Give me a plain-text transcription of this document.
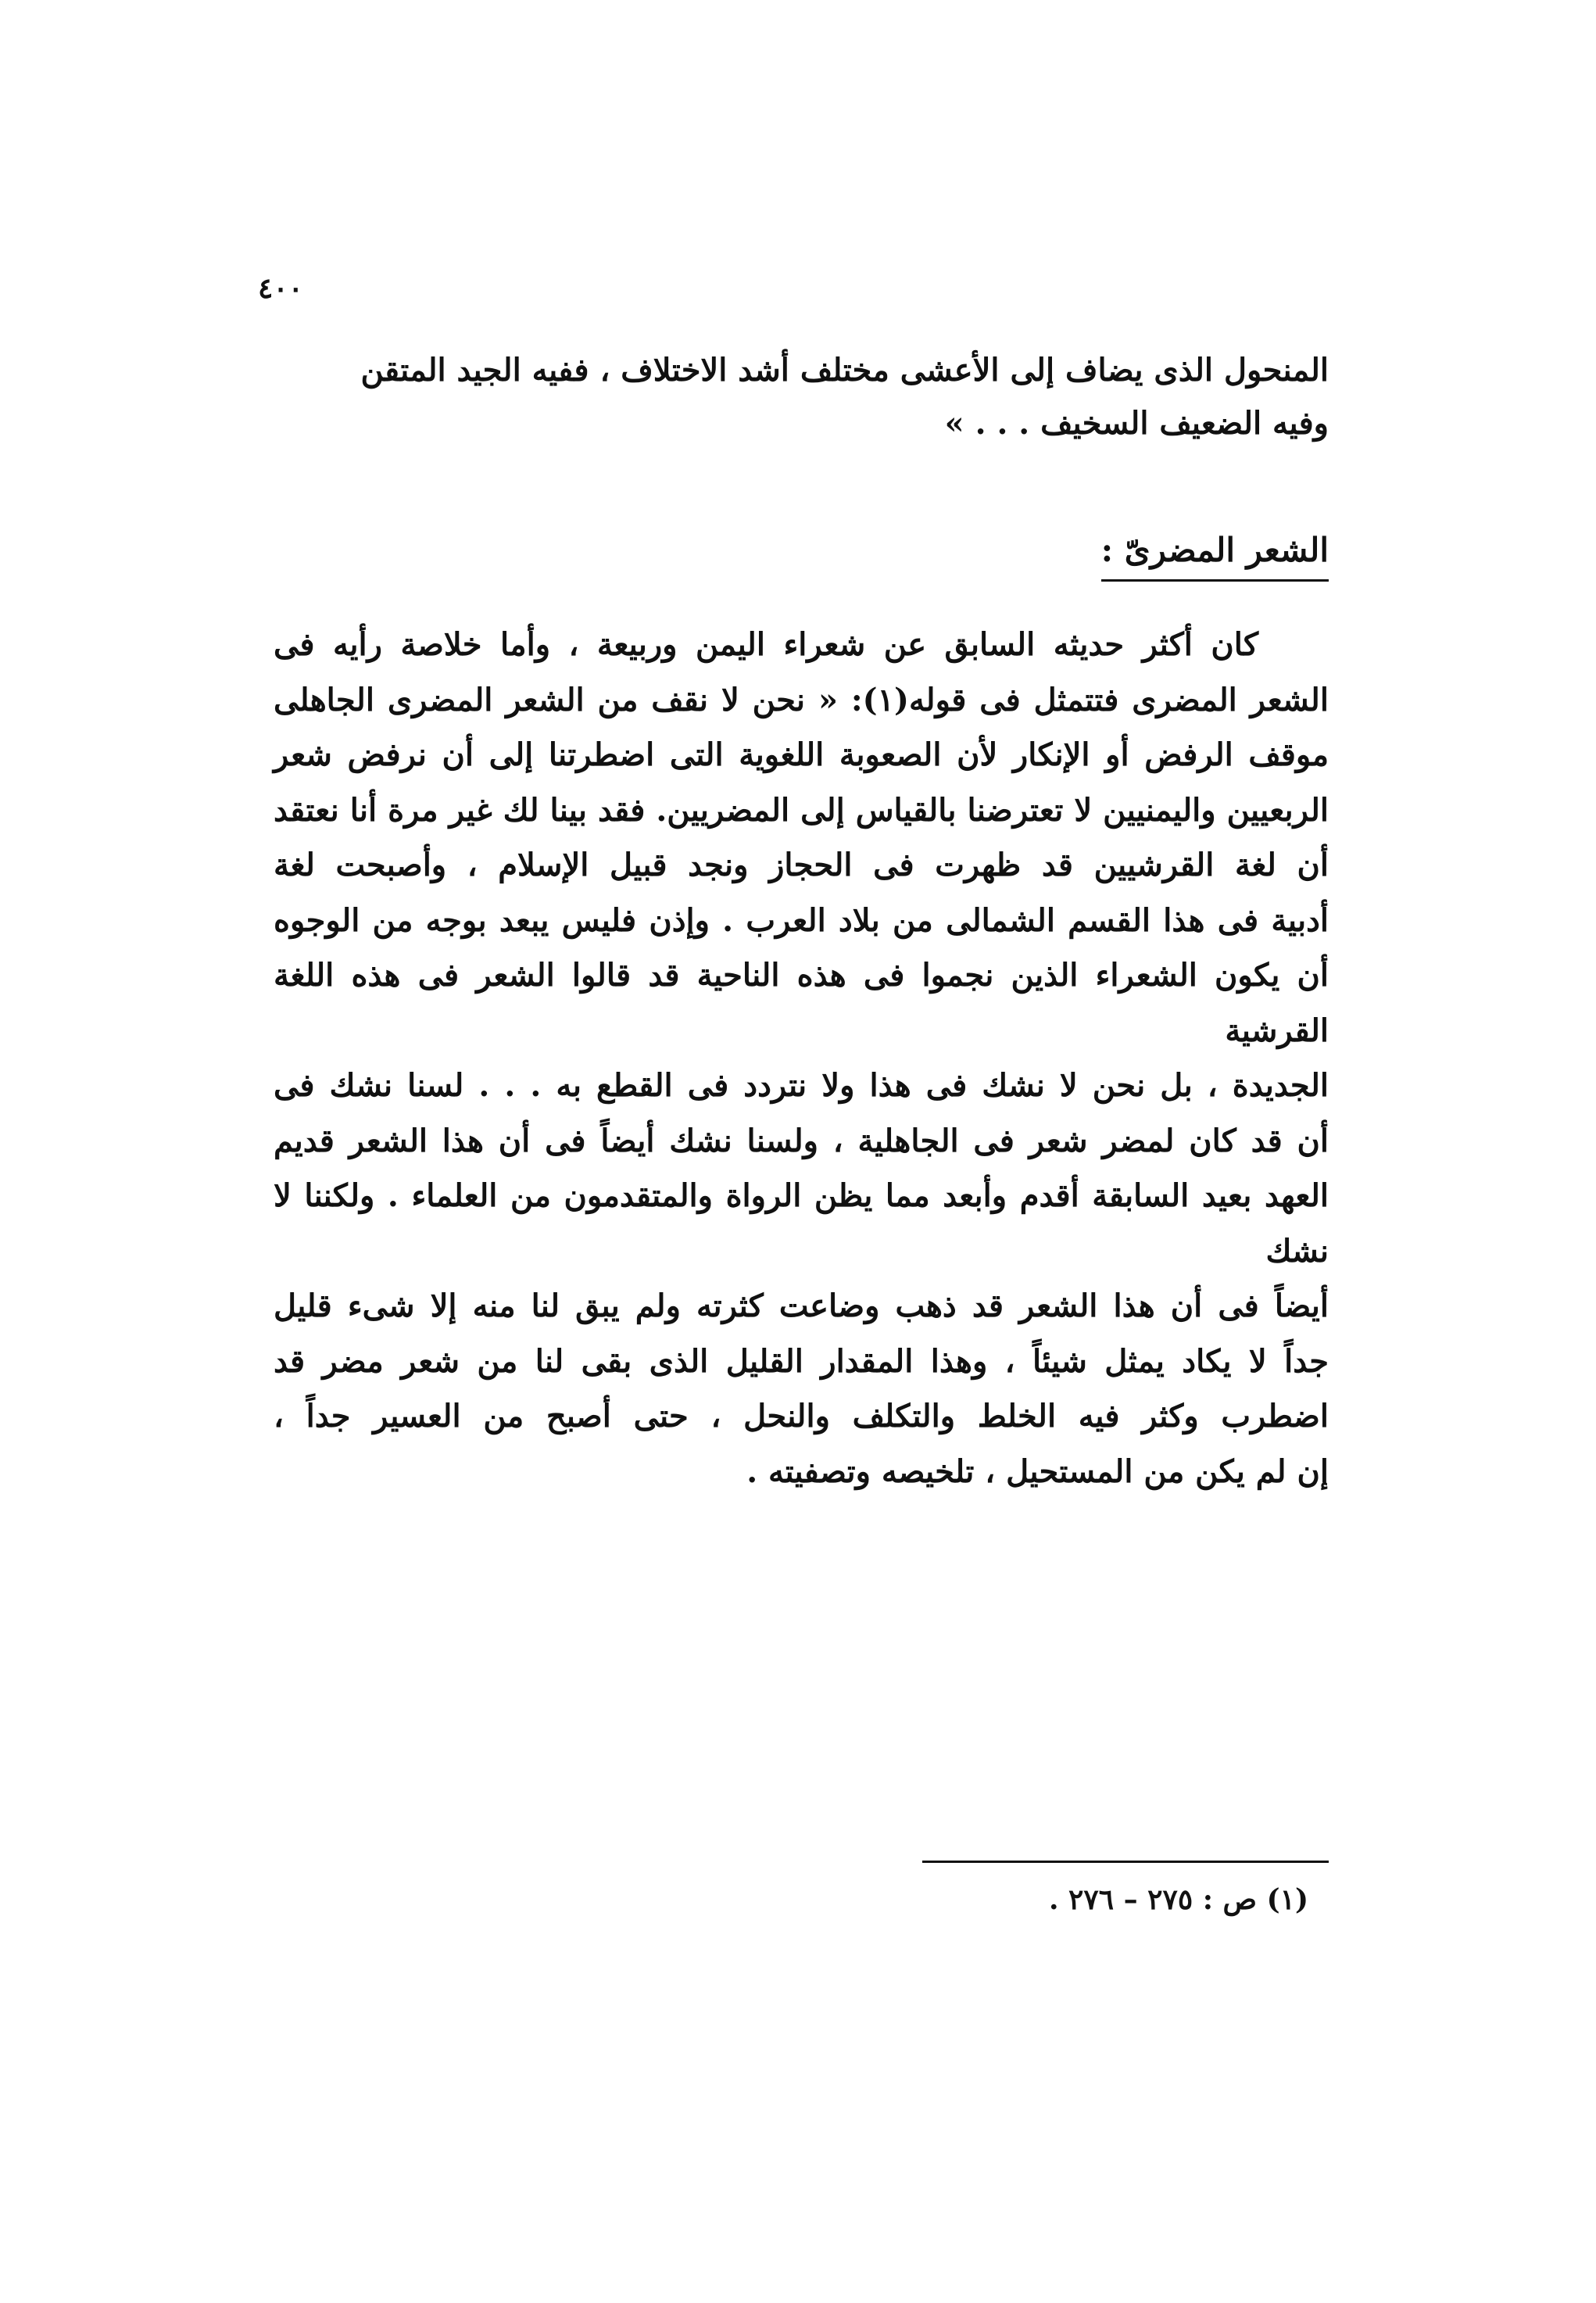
٤٠٠
المنحول الذى يضاف إلى الأعشى مختلف أشد الاختلاف ، ففيه الجيد المتقن
وفيه الضعيف السخيف . . . »
الشعر المضرىّ :
كان أكثر حديثه السابق عن شعراء اليمن وربيعة ، وأما خلاصة رأيه فى
الشعر المضرى فتتمثل فى قوله(١): « نحن لا نقف من الشعر المضرى الجاهلى
موقف الرفض أو الإنكار لأن الصعوبة اللغوية التى اضطرتنا إلى أن نرفض شعر
الربعيين واليمنيين لا تعترضنا بالقياس إلى المضريين. فقد بينا لك غير مرة أنا نعتقد
أن لغة القرشيين قد ظهرت فى الحجاز ونجد قبيل الإسلام ، وأصبحت لغة
أدبية فى هذا القسم الشمالى من بلاد العرب . وإذن فليس يبعد بوجه من الوجوه
أن يكون الشعراء الذين نجموا فى هذه الناحية قد قالوا الشعر فى هذه اللغة القرشية
الجديدة ، بل نحن لا نشك فى هذا ولا نتردد فى القطع به . . . لسنا نشك فى
أن قد كان لمضر شعر فى الجاهلية ، ولسنا نشك أيضاً فى أن هذا الشعر قديم
العهد بعيد السابقة أقدم وأبعد مما يظن الرواة والمتقدمون من العلماء . ولكننا لا نشك
أيضاً فى أن هذا الشعر قد ذهب وضاعت كثرته ولم يبق لنا منه إلا شىء قليل
جداً لا يكاد يمثل شيئاً ، وهذا المقدار القليل الذى بقى لنا من شعر مضر قد
اضطرب وكثر فيه الخلط والتكلف والنحل ، حتى أصبح من العسير جداً ،
إن لم يكن من المستحيل ، تلخيصه وتصفيته .
(١) ص : ٢٧٥ – ٢٧٦ .
